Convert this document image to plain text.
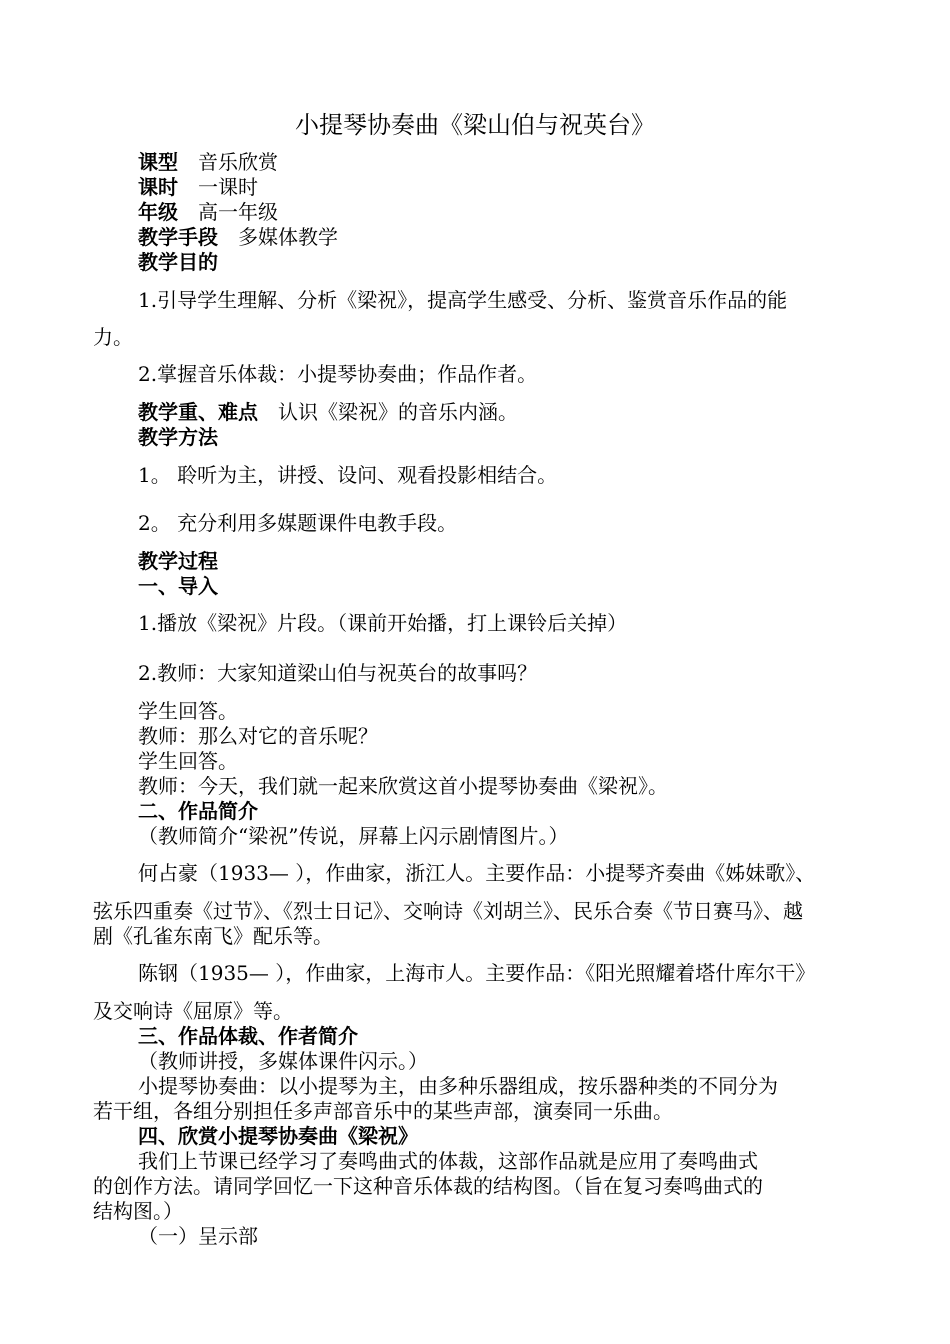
小提琴协奏曲《梁山伯与祝英台》
课型 音乐欣赏
课时 一课时
年级 高一年级
教学手段 多媒体教学
教学目的
1.引导学生理解、分析《梁祝》，提高学生感受、分析、鉴赏音乐作品的能
力。
2.掌握音乐体裁：小提琴协奏曲；作品作者。
教学重、难点 认识《梁祝》的音乐内涵。
教学方法
1。 聆听为主，讲授、设问、观看投影相结合。
2。 充分利用多媒题课件电教手段。
教学过程
一、导入
1.播放《梁祝》片段。（课前开始播，打上课铃后关掉）
2.教师：大家知道梁山伯与祝英台的故事吗？
学生回答。
教师：那么对它的音乐呢？
学生回答。
教师：今天，我们就一起来欣赏这首小提琴协奏曲《梁祝》。
二、作品简介
（教师简介“梁祝”传说，屏幕上闪示剧情图片。）
何占豪（1933— ），作曲家，浙江人。主要作品：小提琴齐奏曲《姊妹歌》、
弦乐四重奏《过节》、《烈士日记》、交响诗《刘胡兰》、民乐合奏《节日赛马》、越
剧《孔雀东南飞》配乐等。
陈钢（1935— ），作曲家，上海市人。主要作品：《阳光照耀着塔什库尔干》
及交响诗《屈原》等。
三、作品体裁、作者简介
（教师讲授，多媒体课件闪示。）
小提琴协奏曲：以小提琴为主，由多种乐器组成，按乐器种类的不同分为
若干组，各组分别担任多声部音乐中的某些声部，演奏同一乐曲。
四、欣赏小提琴协奏曲《梁祝》
我们上节课已经学习了奏鸣曲式的体裁，这部作品就是应用了奏鸣曲式
的创作方法。请同学回忆一下这种音乐体裁的结构图。（旨在复习奏鸣曲式的
结构图。）
（一）呈示部
